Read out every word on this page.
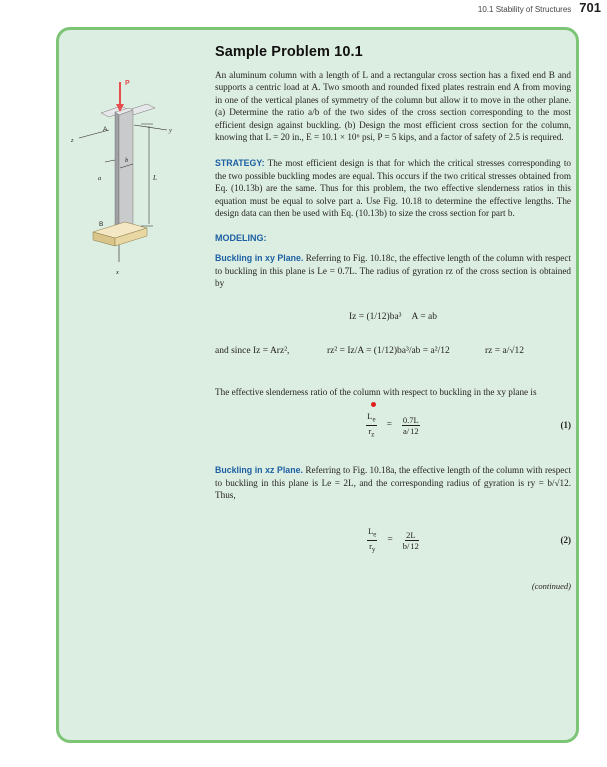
10.1 Stability of Structures 701
P
A
B
L
a
b
x
y
z
Sample Problem 10.1

An aluminum column with a length of L and a rectangular cross section has a fixed end B and supports a centric load at A. Two smooth and rounded fixed plates restrain end A from moving in one of the vertical planes of symmetry of the column but allow it to move in the other plane. (a) Determine the ratio a/b of the two sides of the cross section corresponding to the most efficient design against buckling. (b) Design the most efficient cross section for the column, knowing that L = 20 in., E = 10.1 × 10⁶ psi, P = 5 kips, and a factor of safety of 2.5 is required.

STRATEGY: The most efficient design is that for which the critical stresses corresponding to the two possible buckling modes are equal. This occurs if the two critical stresses obtained from Eq. (10.13b) are the same. Thus for this problem, the two effective slenderness ratios in this equation must be equal to solve part a. Use Fig. 10.18 to determine the effective lengths. The design data can then be used with Eq. (10.13b) to size the cross section for part b.

MODELING:

Buckling in xy Plane. Referring to Fig. 10.18c, the effective length of the column with respect to buckling in this plane is Le = 0.7L. The radius of gyration rz of the cross section is obtained by

Iz = (1/12)ba³ A = ab
and since Iz = Arz²,	rz² = Iz/A = (1/12)ba³/ab = a²/12	rz = a/√12

The effective slenderness ratio of the column with respect to buckling in the xy plane is

$\frac{L_e}{r_z} = \frac{0.7L}{a/12}$	(1)

Buckling in xz Plane. Referring to Fig. 10.18a, the effective length of the column with respect to buckling in this plane is Le = 2L, and the corresponding radius of gyration is ry = b/√12. Thus,

$\frac{L_e}{r_y} = \frac{2L}{b/12}$	(2)
(continued)
